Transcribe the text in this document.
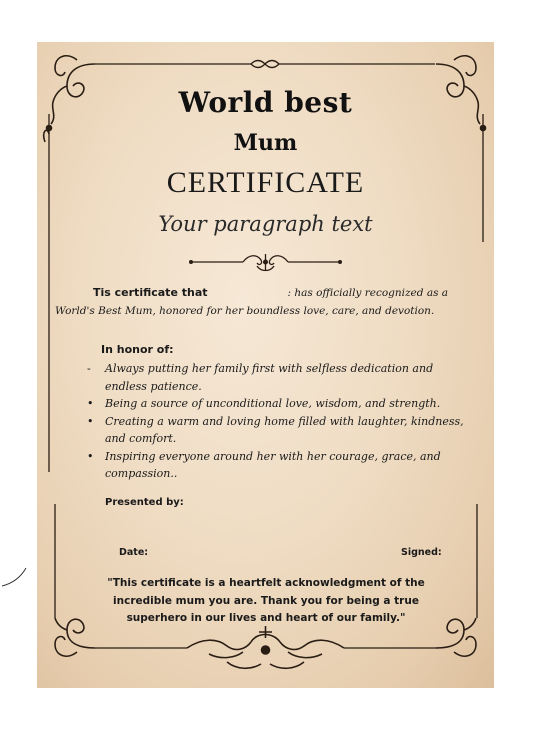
World best
Mum
CERTIFICATE
Your paragraph text
Tis certificate that	: has officially recognized as a World's Best Mum, honored for her boundless love, care, and devotion.
In honor of:
- Always putting her family first with selfless dedication and endless patience.
• Being a source of unconditional love, wisdom, and strength.
• Creating a warm and loving home filled with laughter, kindness, and comfort.
• Inspiring everyone around her with her courage, grace, and compassion..
Presented by:
Date:	Signed:
"This certificate is a heartfelt acknowledgment of the incredible mum you are. Thank you for being a true superhero in our lives and heart of our family."
